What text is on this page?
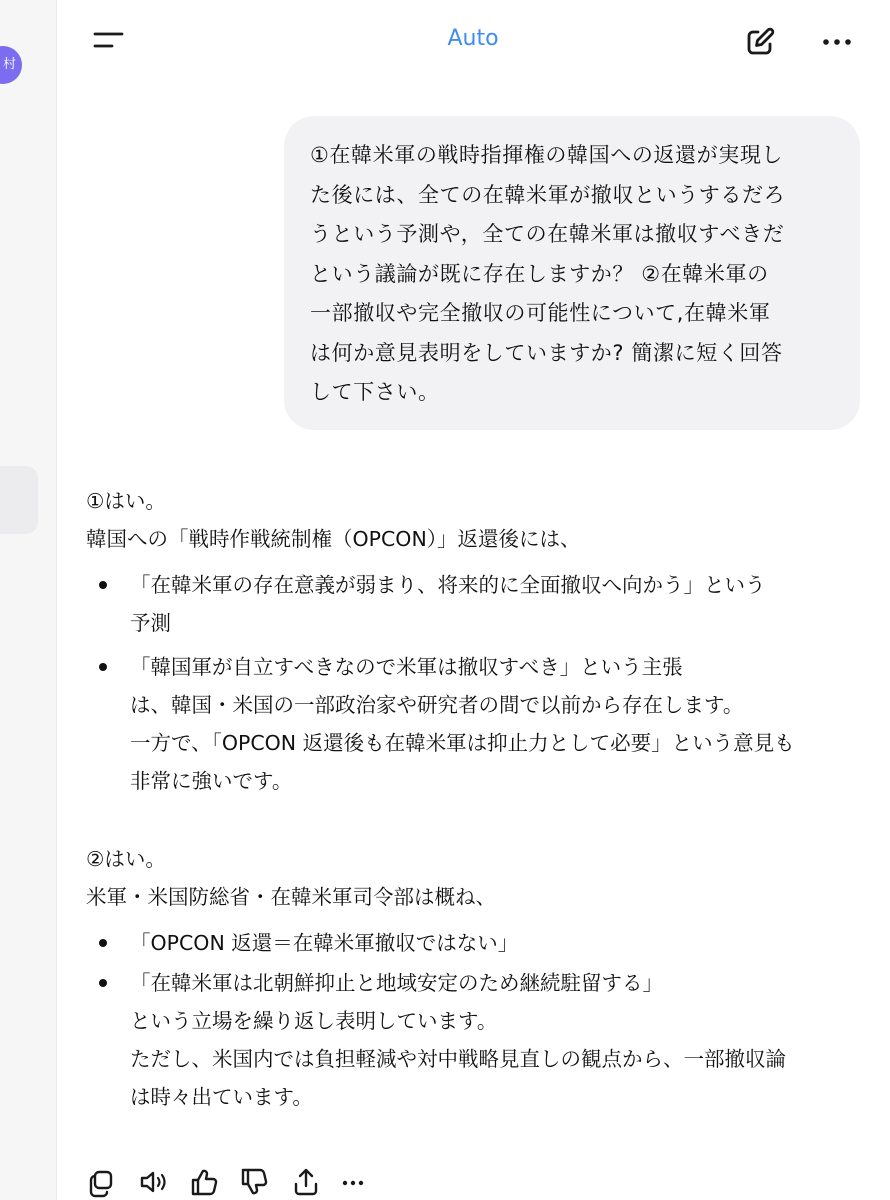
村
Auto
①在韓米軍の戦時指揮権の韓国への返還が実現し
た後には、全ての在韓米軍が撤収というするだろ
うという予測や，全ての在韓米軍は撤収すべきだ
という議論が既に存在しますか？ ②在韓米軍の
一部撤収や完全撤収の可能性について,在韓米軍
は何か意見表明をしていますか? 簡潔に短く回答
して下さい。

①はい。

韓国への「戦時作戦統制権（OPCON）」返還後には、

「在韓米軍の存在意義が弱まり、将来的に全面撤収へ向かう」という
予測
「韓国軍が自立すべきなので米軍は撤収すべき」という主張
は、韓国・米国の一部政治家や研究者の間で以前から存在します。
一方で、「OPCON 返還後も在韓米軍は抑止力として必要」という意見も
非常に強いです。

②はい。

米軍・米国防総省・在韓米軍司令部は概ね、

「OPCON 返還＝在韓米軍撤収ではない」
「在韓米軍は北朝鮮抑止と地域安定のため継続駐留する」
という立場を繰り返し表明しています。
ただし、米国内では負担軽減や対中戦略見直しの観点から、一部撤収論
は時々出ています。
